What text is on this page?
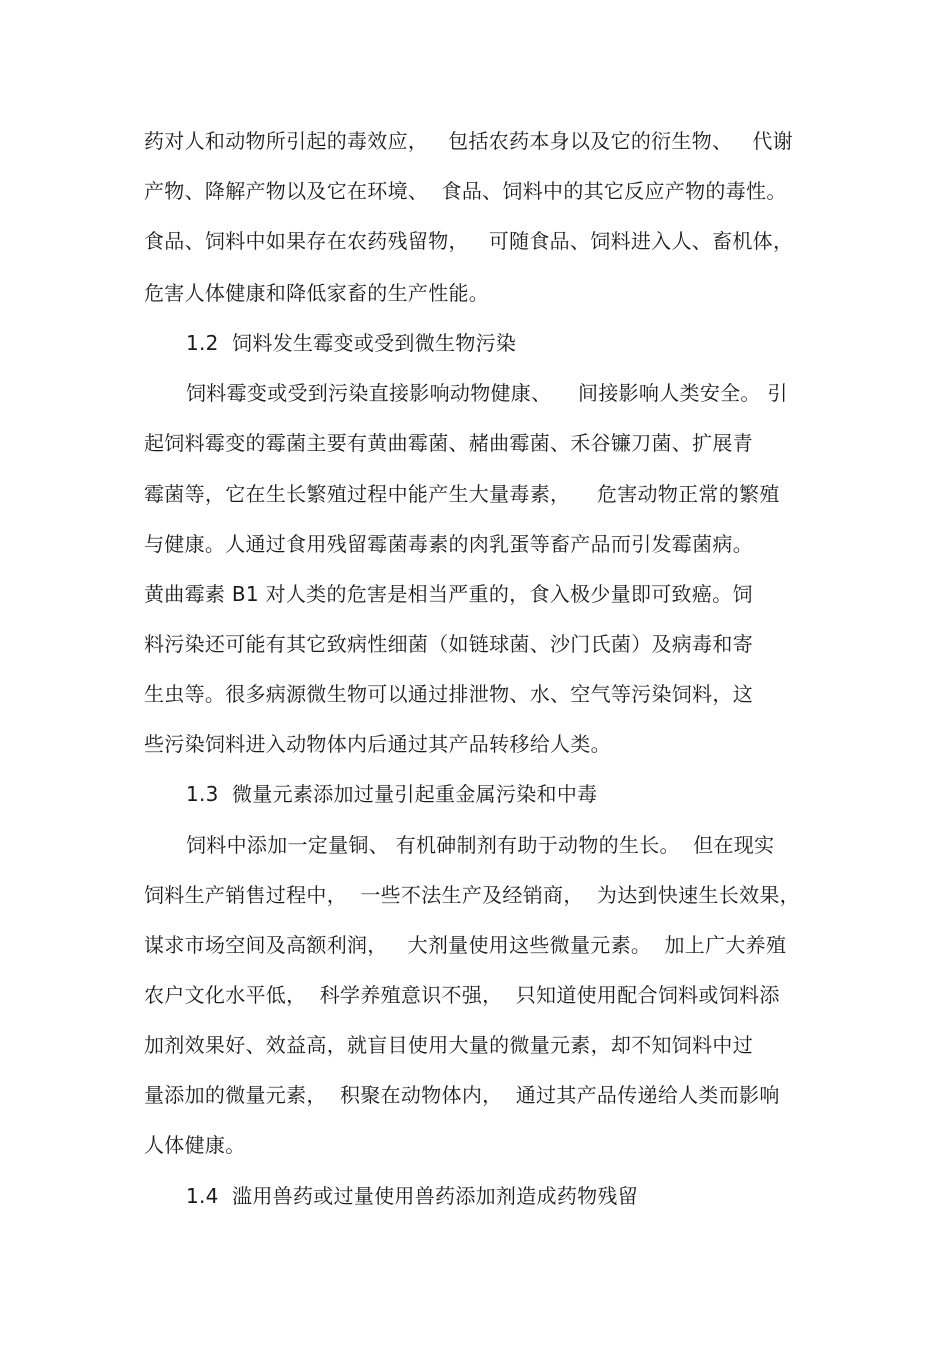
药对人和动物所引起的毒效应，   包括农药本身以及它的衍生物、   代谢
产物、降解产物以及它在环境、  食品、饲料中的其它反应产物的毒性。
食品、饲料中如果存在农药残留物，   可随食品、饲料进入人、畜机体，
危害人体健康和降低家畜的生产性能。
1.2  饲料发生霉变或受到微生物污染
饲料霉变或受到污染直接影响动物健康、    间接影响人类安全。 引
起饲料霉变的霉菌主要有黄曲霉菌、赭曲霉菌、禾谷镰刀菌、扩展青
霉菌等，它在生长繁殖过程中能产生大量毒素，    危害动物正常的繁殖
与健康。人通过食用残留霉菌毒素的肉乳蛋等畜产品而引发霉菌病。
黄曲霉素 B1 对人类的危害是相当严重的，食入极少量即可致癌。饲
料污染还可能有其它致病性细菌（如链球菌、沙门氏菌）及病毒和寄
生虫等。很多病源微生物可以通过排泄物、水、空气等污染饲料，这
些污染饲料进入动物体内后通过其产品转移给人类。
1.3  微量元素添加过量引起重金属污染和中毒
饲料中添加一定量铜、 有机砷制剂有助于动物的生长。  但在现实
饲料生产销售过程中，  一些不法生产及经销商，  为达到快速生长效果，
谋求市场空间及高额利润，   大剂量使用这些微量元素。  加上广大养殖
农户文化水平低，  科学养殖意识不强，  只知道使用配合饲料或饲料添
加剂效果好、效益高，就盲目使用大量的微量元素，却不知饲料中过
量添加的微量元素，  积聚在动物体内，  通过其产品传递给人类而影响
人体健康。
1.4  滥用兽药或过量使用兽药添加剂造成药物残留
